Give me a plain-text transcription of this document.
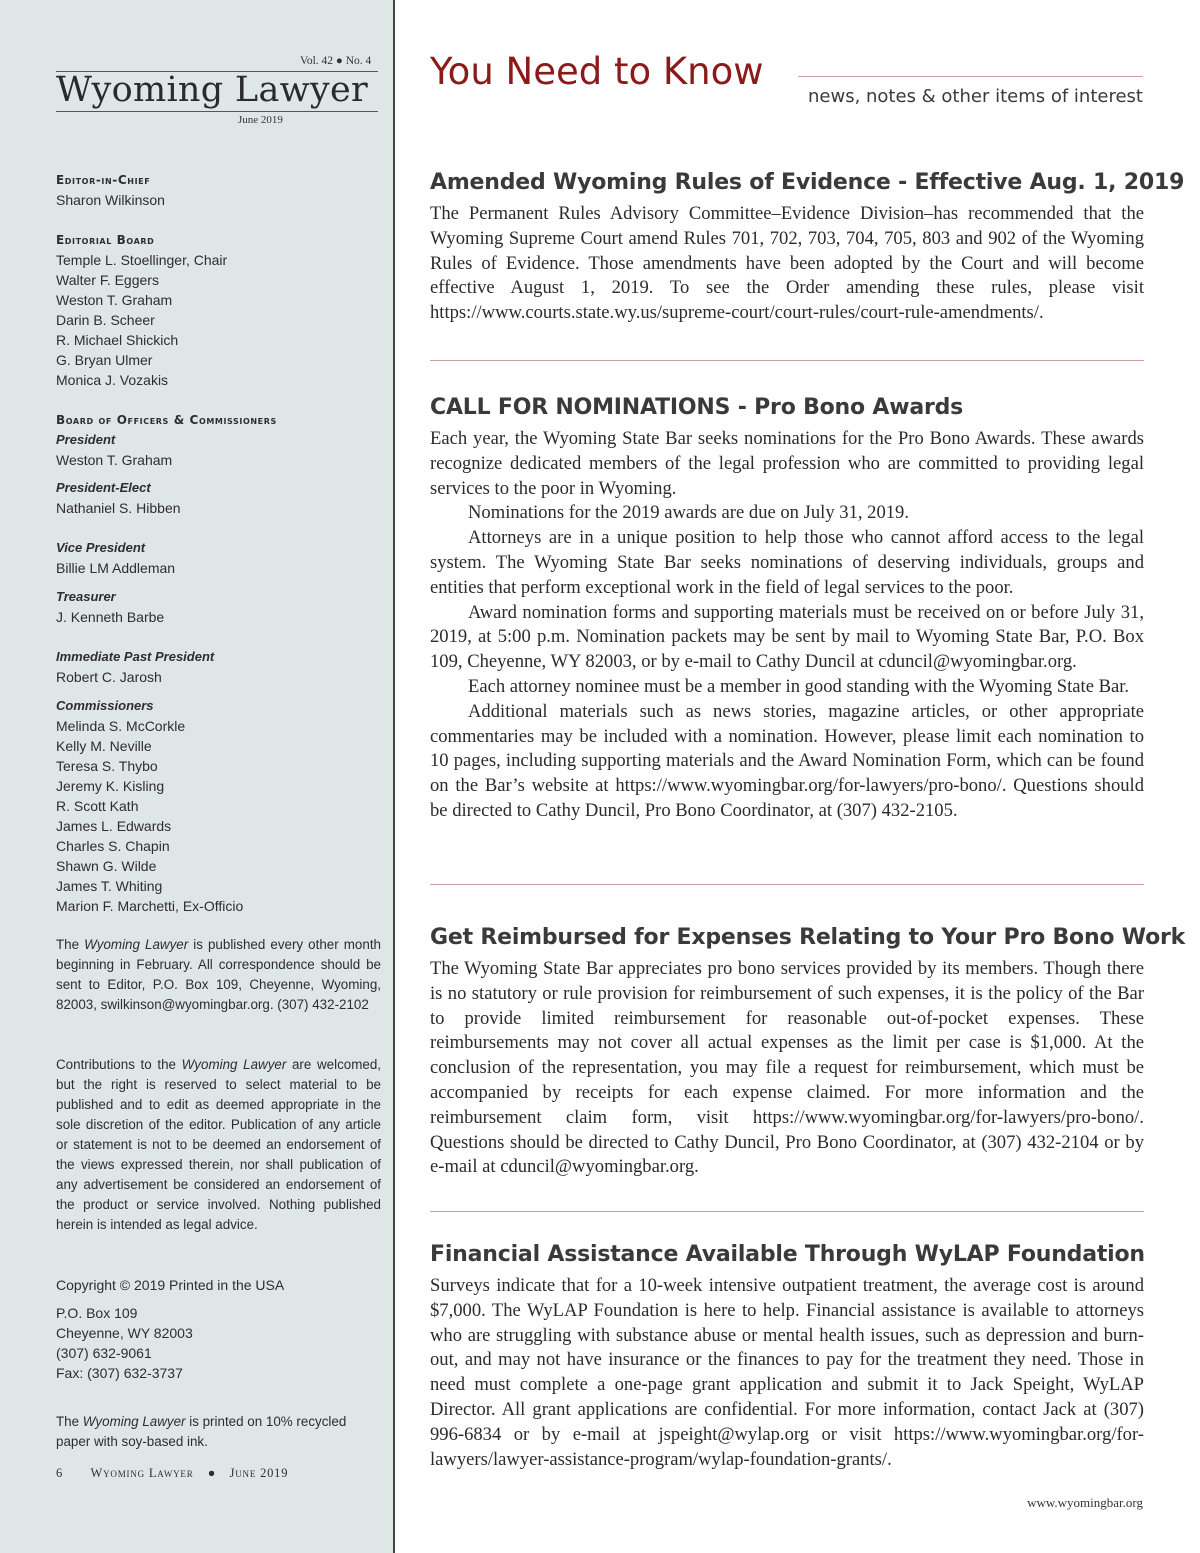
Vol. 42 ● No. 4
Wyoming Lawyer
June 2019
Editor-in-Chief
Sharon Wilkinson
Editorial Board
Temple L. Stoellinger, Chair
Walter F. Eggers
Weston T. Graham
Darin B. Scheer
R. Michael Shickich
G. Bryan Ulmer
Monica J. Vozakis
Board of Officers & Commissioners
President
Weston T. Graham
President-Elect
Nathaniel S. Hibben
Vice President
Billie LM Addleman
Treasurer
J. Kenneth Barbe
Immediate Past President
Robert C. Jarosh
Commissioners
Melinda S. McCorkle
Kelly M. Neville
Teresa S. Thybo
Jeremy K. Kisling
R. Scott Kath
James L. Edwards
Charles S. Chapin
Shawn G. Wilde
James T. Whiting
Marion F. Marchetti, Ex-Officio
The Wyoming Lawyer is published every other month beginning in February. All correspondence should be sent to Editor, P.O. Box 109, Cheyenne, Wyoming, 82003, swilkinson@wyomingbar.org. (307) 432-2102
Contributions to the Wyoming Lawyer are welcomed, but the right is reserved to select material to be published and to edit as deemed appropriate in the sole discretion of the editor. Publication of any article or statement is not to be deemed an endorsement of the views expressed therein, nor shall publication of any advertisement be considered an endorsement of the product or service involved. Nothing published herein is intended as legal advice.
Copyright © 2019 Printed in the USA
P.O. Box 109
Cheyenne, WY 82003
(307) 632-9061
Fax: (307) 632-3737
The Wyoming Lawyer is printed on 10% recycled paper with soy-based ink.
6 Wyoming Lawyer ● June 2019
You Need to Know
news, notes & other items of interest
Amended Wyoming Rules of Evidence - Effective Aug. 1, 2019

The Permanent Rules Advisory Committee–Evidence Division–has recommended that the Wyoming Supreme Court amend Rules 701, 702, 703, 704, 705, 803 and 902 of the Wyoming Rules of Evidence. Those amendments have been adopted by the Court and will become effective August 1, 2019. To see the Order amending these rules, please visit https://www.courts.state.wy.us/supreme-court/court-rules/court-rule-amendments/.

CALL FOR NOMINATIONS - Pro Bono Awards

Each year, the Wyoming State Bar seeks nominations for the Pro Bono Awards. These awards recognize dedicated members of the legal profession who are committed to providing legal services to the poor in Wyoming.

Nominations for the 2019 awards are due on July 31, 2019.

Attorneys are in a unique position to help those who cannot afford access to the legal system. The Wyoming State Bar seeks nominations of deserving individuals, groups and entities that perform exceptional work in the field of legal services to the poor.

Award nomination forms and supporting materials must be received on or before July 31, 2019, at 5:00 p.m. Nomination packets may be sent by mail to Wyoming State Bar, P.O. Box 109, Cheyenne, WY 82003, or by e-mail to Cathy Duncil at cduncil@wyomingbar.org.

Each attorney nominee must be a member in good standing with the Wyoming State Bar.

Additional materials such as news stories, magazine articles, or other appropriate commentaries may be included with a nomination. However, please limit each nomination to 10 pages, including supporting materials and the Award Nomination Form, which can be found on the Bar’s website at https://www.wyomingbar.org/for-lawyers/pro-bono/. Questions should be directed to Cathy Duncil, Pro Bono Coordinator, at (307) 432-2105.

Get Reimbursed for Expenses Relating to Your Pro Bono Work

The Wyoming State Bar appreciates pro bono services provided by its members. Though there is no statutory or rule provision for reimbursement of such expenses, it is the policy of the Bar to provide limited reimbursement for reasonable out-of-pocket expenses. These reimbursements may not cover all actual expenses as the limit per case is $1,000. At the conclusion of the representation, you may file a request for reimbursement, which must be accompanied by receipts for each expense claimed. For more information and the reimbursement claim form, visit https://www.wyomingbar.org/for-lawyers/pro-bono/. Questions should be directed to Cathy Duncil, Pro Bono Coordinator, at (307) 432-2104 or by e-mail at cduncil@wyomingbar.org.

Financial Assistance Available Through WyLAP Foundation

Surveys indicate that for a 10-week intensive outpatient treatment, the average cost is around $7,000. The WyLAP Foundation is here to help. Financial assistance is available to attorneys who are struggling with substance abuse or mental health issues, such as depression and burn-out, and may not have insurance or the finances to pay for the treatment they need. Those in need must complete a one-page grant application and submit it to Jack Speight, WyLAP Director. All grant applications are confidential. For more information, contact Jack at (307) 996-6834 or by e-mail at jspeight@wylap.org or visit https://www.wyomingbar.org/for-lawyers/lawyer-assistance-program/wylap-foundation-grants/.

www.wyomingbar.org
